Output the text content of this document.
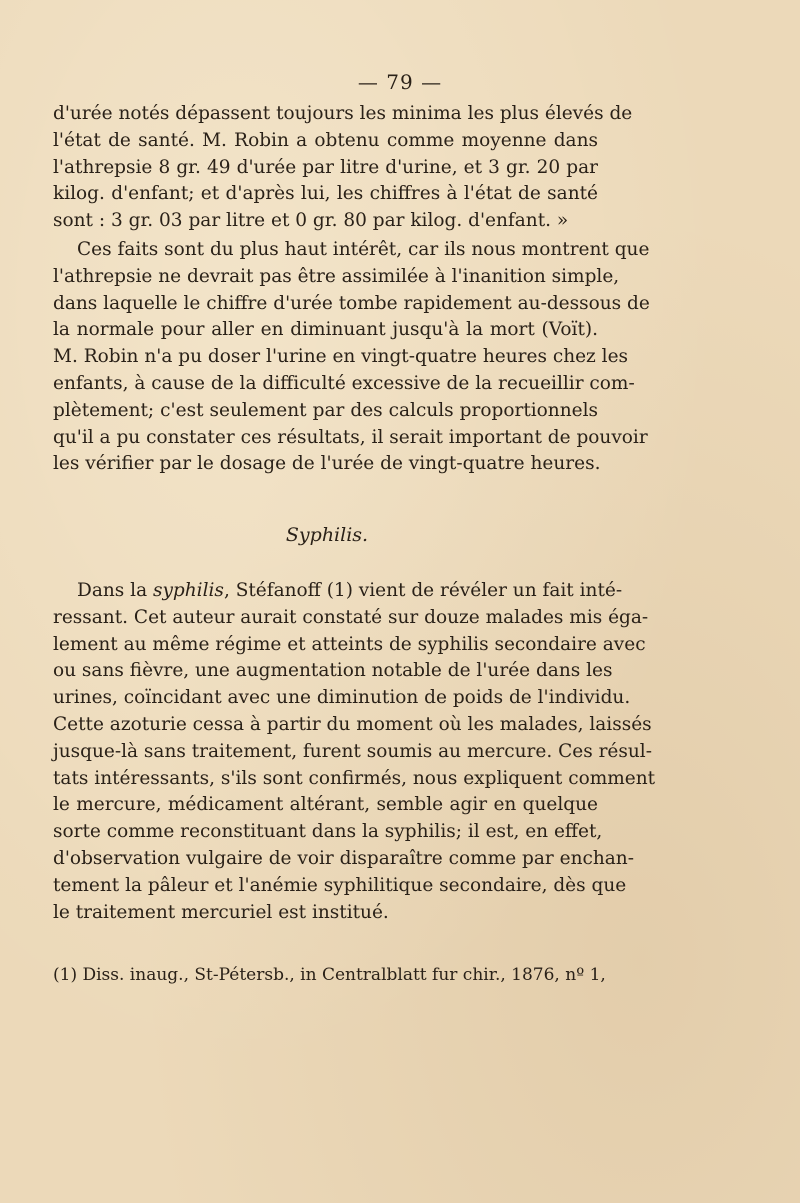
— 79 —
d'urée notés dépassent toujours les minima les plus élevés de
l'état de santé. M. Robin a obtenu comme moyenne dans
l'athrepsie 8 gr. 49 d'urée par litre d'urine, et 3 gr. 20 par
kilog. d'enfant; et d'après lui, les chiffres à l'état de santé
sont : 3 gr. 03 par litre et 0 gr. 80 par kilog. d'enfant. »
Ces faits sont du plus haut intérêt, car ils nous montrent que
l'athrepsie ne devrait pas être assimilée à l'inanition simple,
dans laquelle le chiffre d'urée tombe rapidement au-dessous de
la normale pour aller en diminuant jusqu'à la mort (Voït).
M. Robin n'a pu doser l'urine en vingt-quatre heures chez les
enfants, à cause de la difficulté excessive de la recueillir com-
plètement; c'est seulement par des calculs proportionnels
qu'il a pu constater ces résultats, il serait important de pouvoir
les vérifier par le dosage de l'urée de vingt-quatre heures.
Syphilis.
Dans la syphilis, Stéfanoff (1) vient de révéler un fait inté-
ressant. Cet auteur aurait constaté sur douze malades mis éga-
lement au même régime et atteints de syphilis secondaire avec
ou sans fièvre, une augmentation notable de l'urée dans les
urines, coïncidant avec une diminution de poids de l'individu.
Cette azoturie cessa à partir du moment où les malades, laissés
jusque-là sans traitement, furent soumis au mercure. Ces résul-
tats intéressants, s'ils sont confirmés, nous expliquent comment
le mercure, médicament altérant, semble agir en quelque
sorte comme reconstituant dans la syphilis; il est, en effet,
d'observation vulgaire de voir disparaître comme par enchan-
tement la pâleur et l'anémie syphilitique secondaire, dès que
le traitement mercuriel est institué.
(1) Diss. inaug., St-Pétersb., in Centralblatt fur chir., 1876, nº 1,
